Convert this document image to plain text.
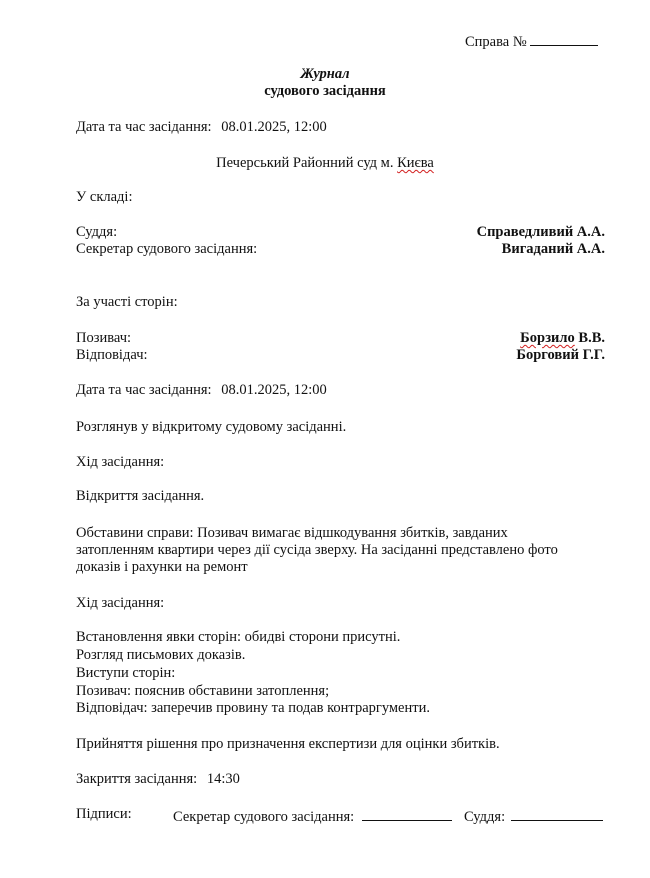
Справа №
Журнал
судового засідання
Дата та час засідання: 08.01.2025, 12:00
Печерський Районний суд м. Києва
У складі:
Суддя:	Справедливий А.А.
Секретар судового засідання:	Вигаданий А.А.
За участі сторін:
Позивач:	Борзило В.В.
Відповідач:	Борговий Г.Г.
Дата та час засідання: 08.01.2025, 12:00
Розглянув у відкритому судовому засіданні.
Хід засідання:
Відкриття засідання.
Обставини справи: Позивач вимагає відшкодування збитків, завданих
затопленням квартири через дії сусіда зверху. На засіданні представлено фото
доказів і рахунки на ремонт
Хід засідання:
Встановлення явки сторін: обидві сторони присутні.
Розгляд письмових доказів.
Виступи сторін:
Позивач: пояснив обставини затоплення;
Відповідач: заперечив провину та подав контраргументи.
Прийняття рішення про призначення експертизи для оцінки збитків.
Закриття засідання: 14:30
Підписи:	Секретар судового засідання:	Суддя:
